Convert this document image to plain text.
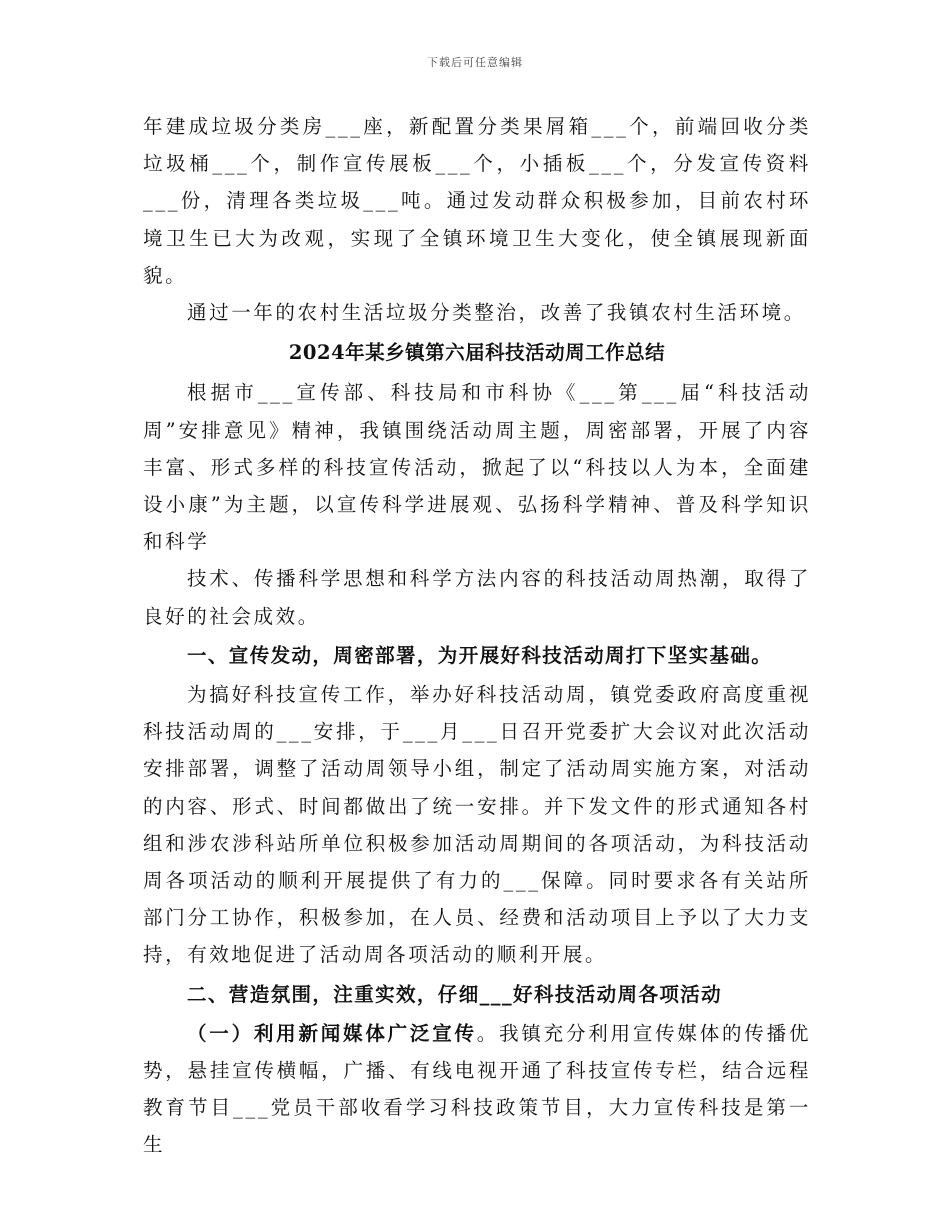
下载后可任意编辑

年建成垃圾分类房___座，新配置分类果屑箱___个，前端回收分类垃圾桶___个，制作宣传展板___个，小插板___个，分发宣传资料___份，清理各类垃圾___吨。通过发动群众积极参加，目前农村环境卫生已大为改观，实现了全镇环境卫生大变化，使全镇展现新面貌。

通过一年的农村生活垃圾分类整治，改善了我镇农村生活环境。

2024年某乡镇第六届科技活动周工作总结

根据市___宣传部、科技局和市科协《___第___届“科技活动周”安排意见》精神，我镇围绕活动周主题，周密部署，开展了内容丰富、形式多样的科技宣传活动，掀起了以“科技以人为本，全面建设小康”为主题，以宣传科学进展观、弘扬科学精神、普及科学知识和科学

技术、传播科学思想和科学方法内容的科技活动周热潮，取得了良好的社会成效。

一、宣传发动，周密部署，为开展好科技活动周打下坚实基础。

为搞好科技宣传工作，举办好科技活动周，镇党委政府高度重视科技活动周的___安排，于___月___日召开党委扩大会议对此次活动安排部署，调整了活动周领导小组，制定了活动周实施方案，对活动的内容、形式、时间都做出了统一安排。并下发文件的形式通知各村组和涉农涉科站所单位积极参加活动周期间的各项活动，为科技活动周各项活动的顺利开展提供了有力的___保障。同时要求各有关站所部门分工协作，积极参加，在人员、经费和活动项目上予以了大力支持，有效地促进了活动周各项活动的顺利开展。

二、营造氛围，注重实效，仔细___好科技活动周各项活动

（一）利用新闻媒体广泛宣传。我镇充分利用宣传媒体的传播优势，悬挂宣传横幅，广播、有线电视开通了科技宣传专栏，结合远程教育节目___党员干部收看学习科技政策节目，大力宣传科技是第一生
